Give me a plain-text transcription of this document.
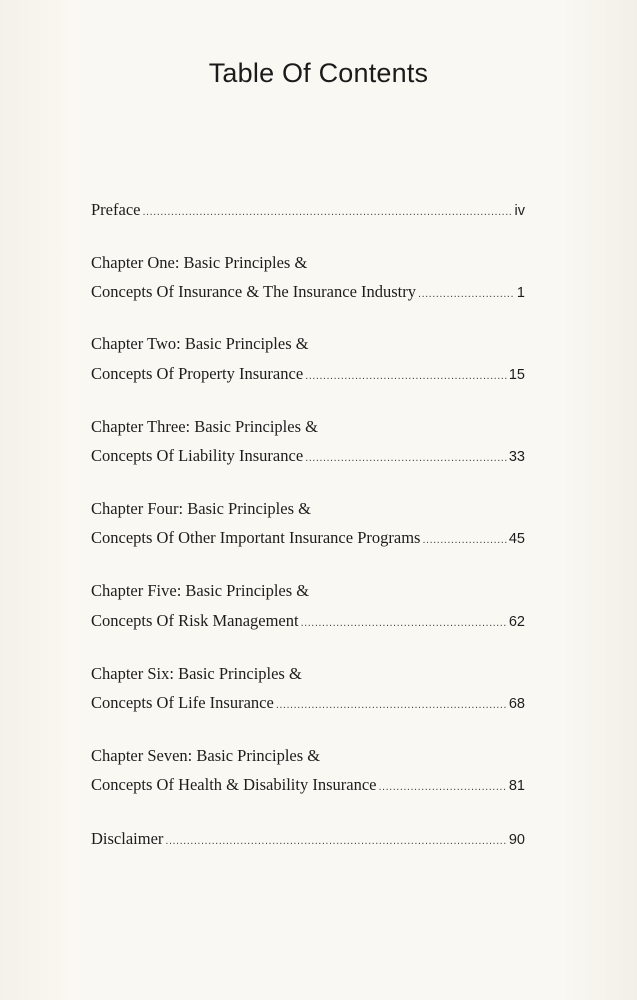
Table Of Contents
Preface .....	iv
Chapter One: Basic Principles &
Concepts Of Insurance & The Insurance Industry .....	1
Chapter Two: Basic Principles &
Concepts Of Property Insurance .....	15
Chapter Three: Basic Principles &
Concepts Of Liability Insurance .....	33
Chapter Four: Basic Principles &
Concepts Of Other Important Insurance Programs .....	45
Chapter Five: Basic Principles &
Concepts Of Risk Management .....	62
Chapter Six: Basic Principles &
Concepts Of Life Insurance .....	68
Chapter Seven: Basic Principles &
Concepts Of Health & Disability Insurance .....	81
Disclaimer .....	90
